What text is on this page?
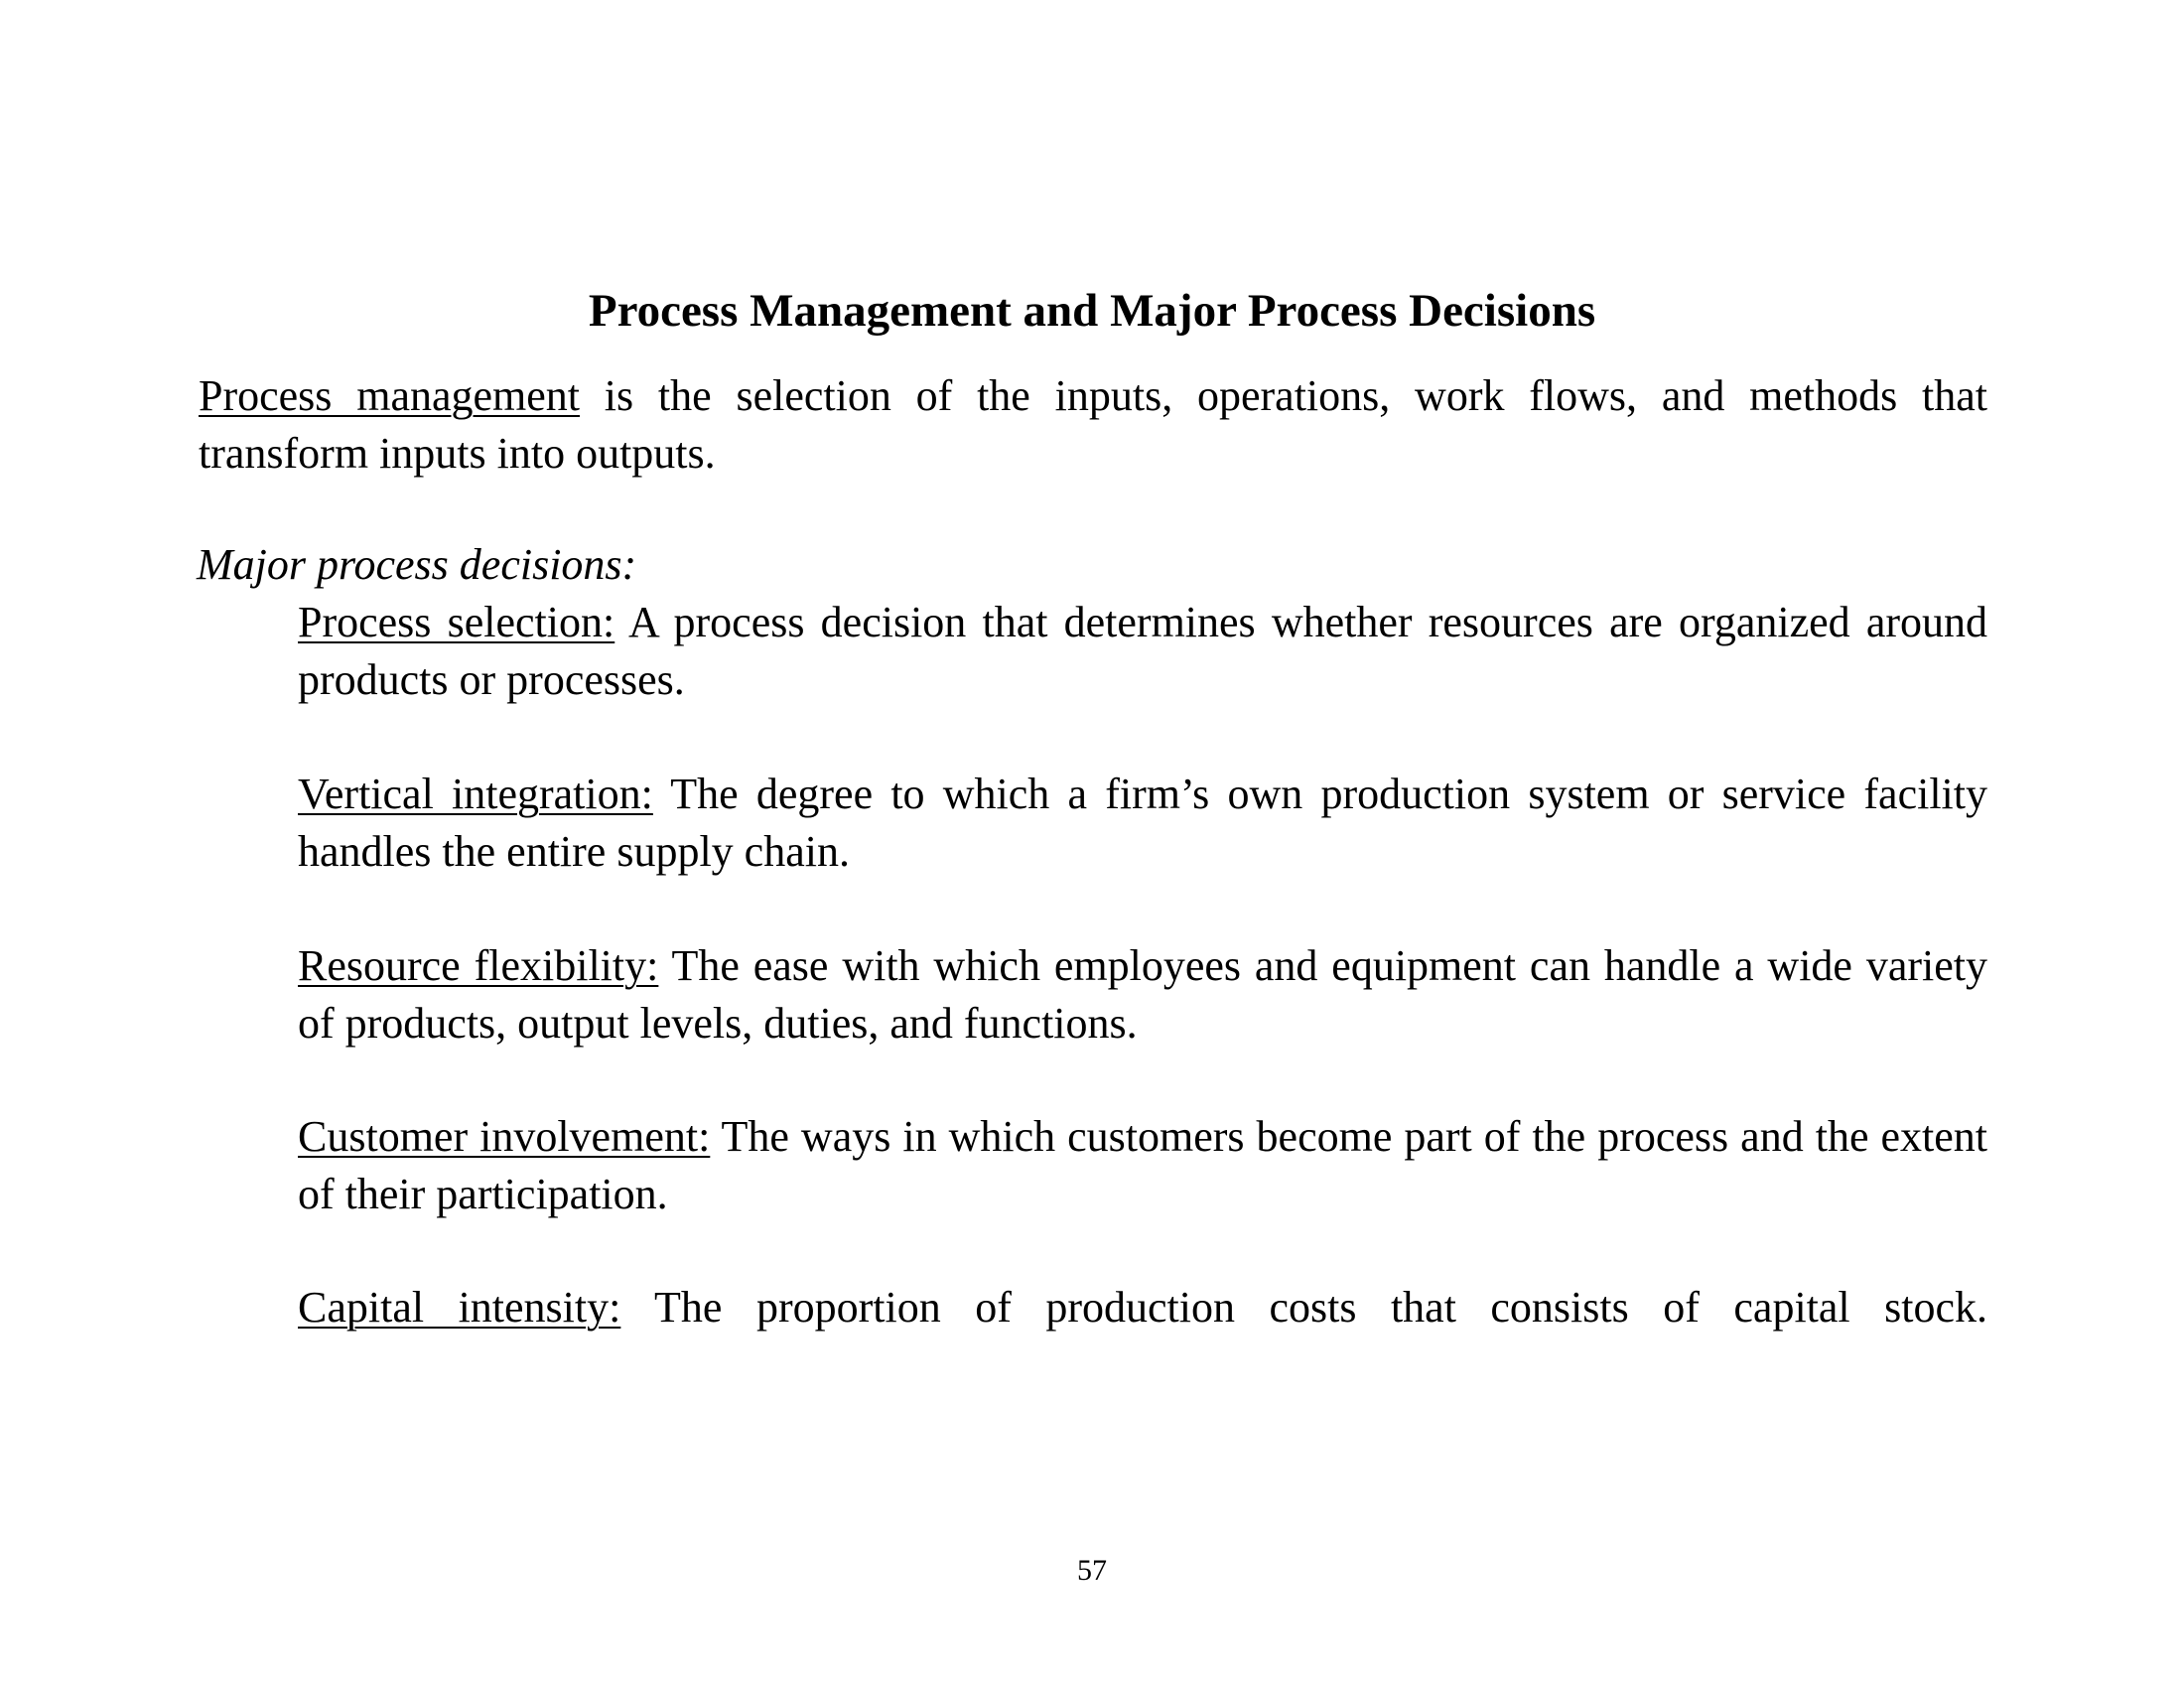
Process Management and Major Process Decisions

Process management is the selection of the inputs, operations, work flows, and methods that transform inputs into outputs.

Major process decisions:

Process selection: A process decision that determines whether resources are organized around products or processes.

Vertical integration: The degree to which a firm’s own production system or service facility handles the entire supply chain.

Resource flexibility: The ease with which employees and equipment can handle a wide variety of products, output levels, duties, and functions.

Customer involvement: The ways in which customers become part of the process and the extent of their participation.

Capital intensity: The proportion of production costs that consists of capital stock.

57
